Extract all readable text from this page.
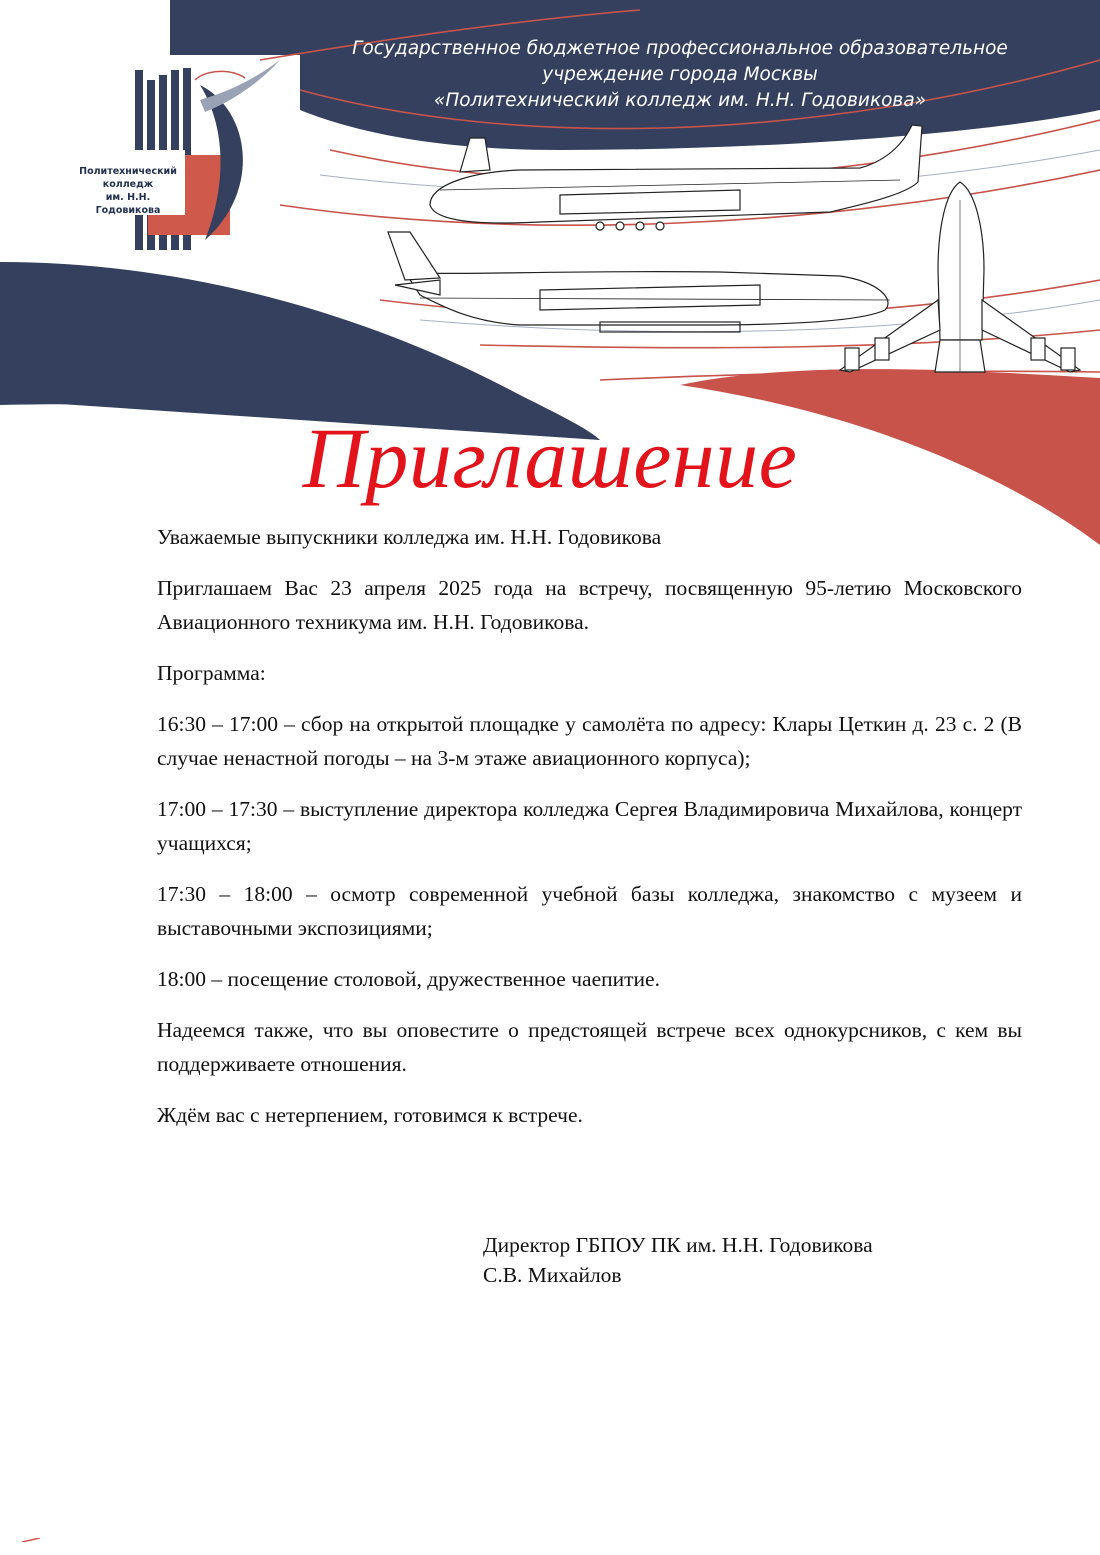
Государственное бюджетное профессиональное образовательное
учреждение города Москвы
«Политехнический колледж им. Н.Н. Годовикова»
Политехнический
колледж
им. Н.Н. Годовикова
Приглашение

Уважаемые выпускники колледжа им. Н.Н. Годовикова

Приглашаем Вас 23 апреля 2025 года на встречу, посвященную 95-летию Московского Авиационного техникума им. Н.Н. Годовикова.

Программа:

16:30 – 17:00 – сбор на открытой площадке у самолёта по адресу: Клары Цеткин д. 23 с. 2 (В случае ненастной погоды – на 3-м этаже авиационного корпуса);

17:00 – 17:30 – выступление директора колледжа Сергея Владимировича Михайлова, концерт учащихся;

17:30 – 18:00 – осмотр современной учебной базы колледжа, знакомство с музеем и выставочными экспозициями;

18:00 – посещение столовой, дружественное чаепитие.

Надеемся также, что вы оповестите о предстоящей встрече всех однокурсников, с кем вы поддерживаете отношения.

Ждём вас с нетерпением, готовимся к встрече.

Директор ГБПОУ ПК им. Н.Н. Годовикова
С.В. Михайлов
